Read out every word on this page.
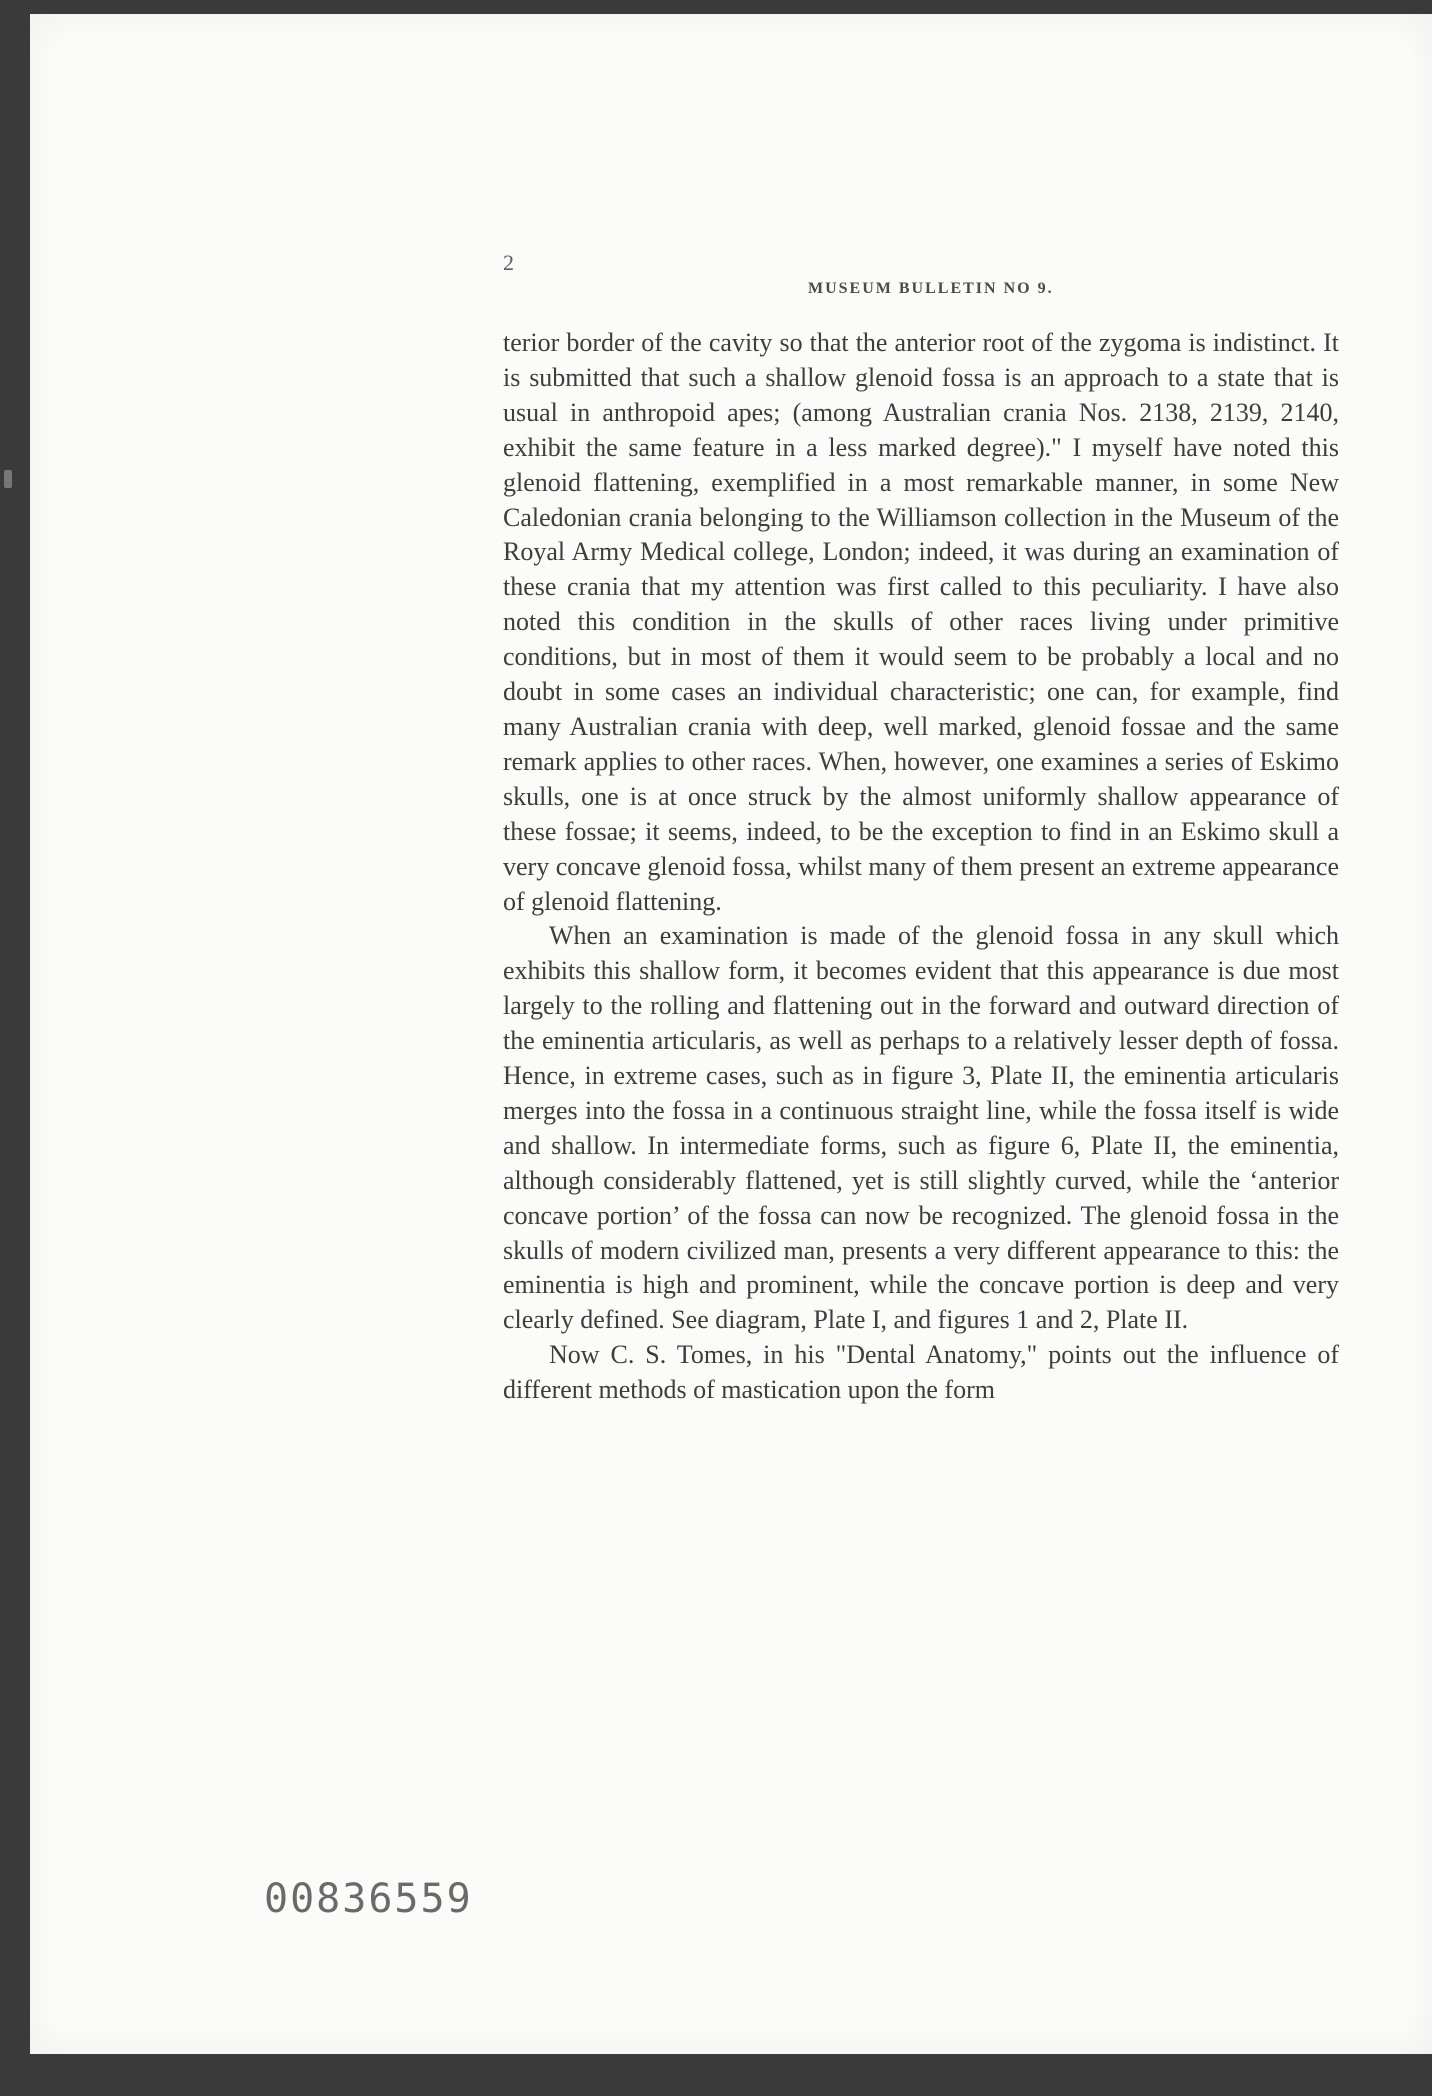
2
MUSEUM BULLETIN NO 9.

terior border of the cavity so that the anterior root of the zygoma is indistinct. It is submitted that such a shallow glenoid fossa is an approach to a state that is usual in anthropoid apes; (among Australian crania Nos. 2138, 2139, 2140, exhibit the same feature in a less marked degree)." I myself have noted this glenoid flattening, exemplified in a most remarkable manner, in some New Caledonian crania belonging to the Williamson collection in the Museum of the Royal Army Medical college, London; indeed, it was during an examination of these crania that my attention was first called to this peculiarity. I have also noted this condition in the skulls of other races living under primitive conditions, but in most of them it would seem to be probably a local and no doubt in some cases an individual characteristic; one can, for example, find many Australian crania with deep, well marked, glenoid fossae and the same remark applies to other races. When, however, one examines a series of Eskimo skulls, one is at once struck by the almost uniformly shallow appearance of these fossae; it seems, indeed, to be the exception to find in an Eskimo skull a very concave glenoid fossa, whilst many of them present an extreme appearance of glenoid flattening.

When an examination is made of the glenoid fossa in any skull which exhibits this shallow form, it becomes evident that this appearance is due most largely to the rolling and flattening out in the forward and outward direction of the eminentia articularis, as well as perhaps to a relatively lesser depth of fossa. Hence, in extreme cases, such as in figure 3, Plate II, the eminentia articularis merges into the fossa in a continuous straight line, while the fossa itself is wide and shallow. In intermediate forms, such as figure 6, Plate II, the eminentia, although considerably flattened, yet is still slightly curved, while the ‘anterior concave portion’ of the fossa can now be recognized. The glenoid fossa in the skulls of modern civilized man, presents a very different appearance to this: the eminentia is high and prominent, while the concave portion is deep and very clearly defined. See diagram, Plate I, and figures 1 and 2, Plate II.

Now C. S. Tomes, in his "Dental Anatomy," points out the influence of different methods of mastication upon the form

00836559
